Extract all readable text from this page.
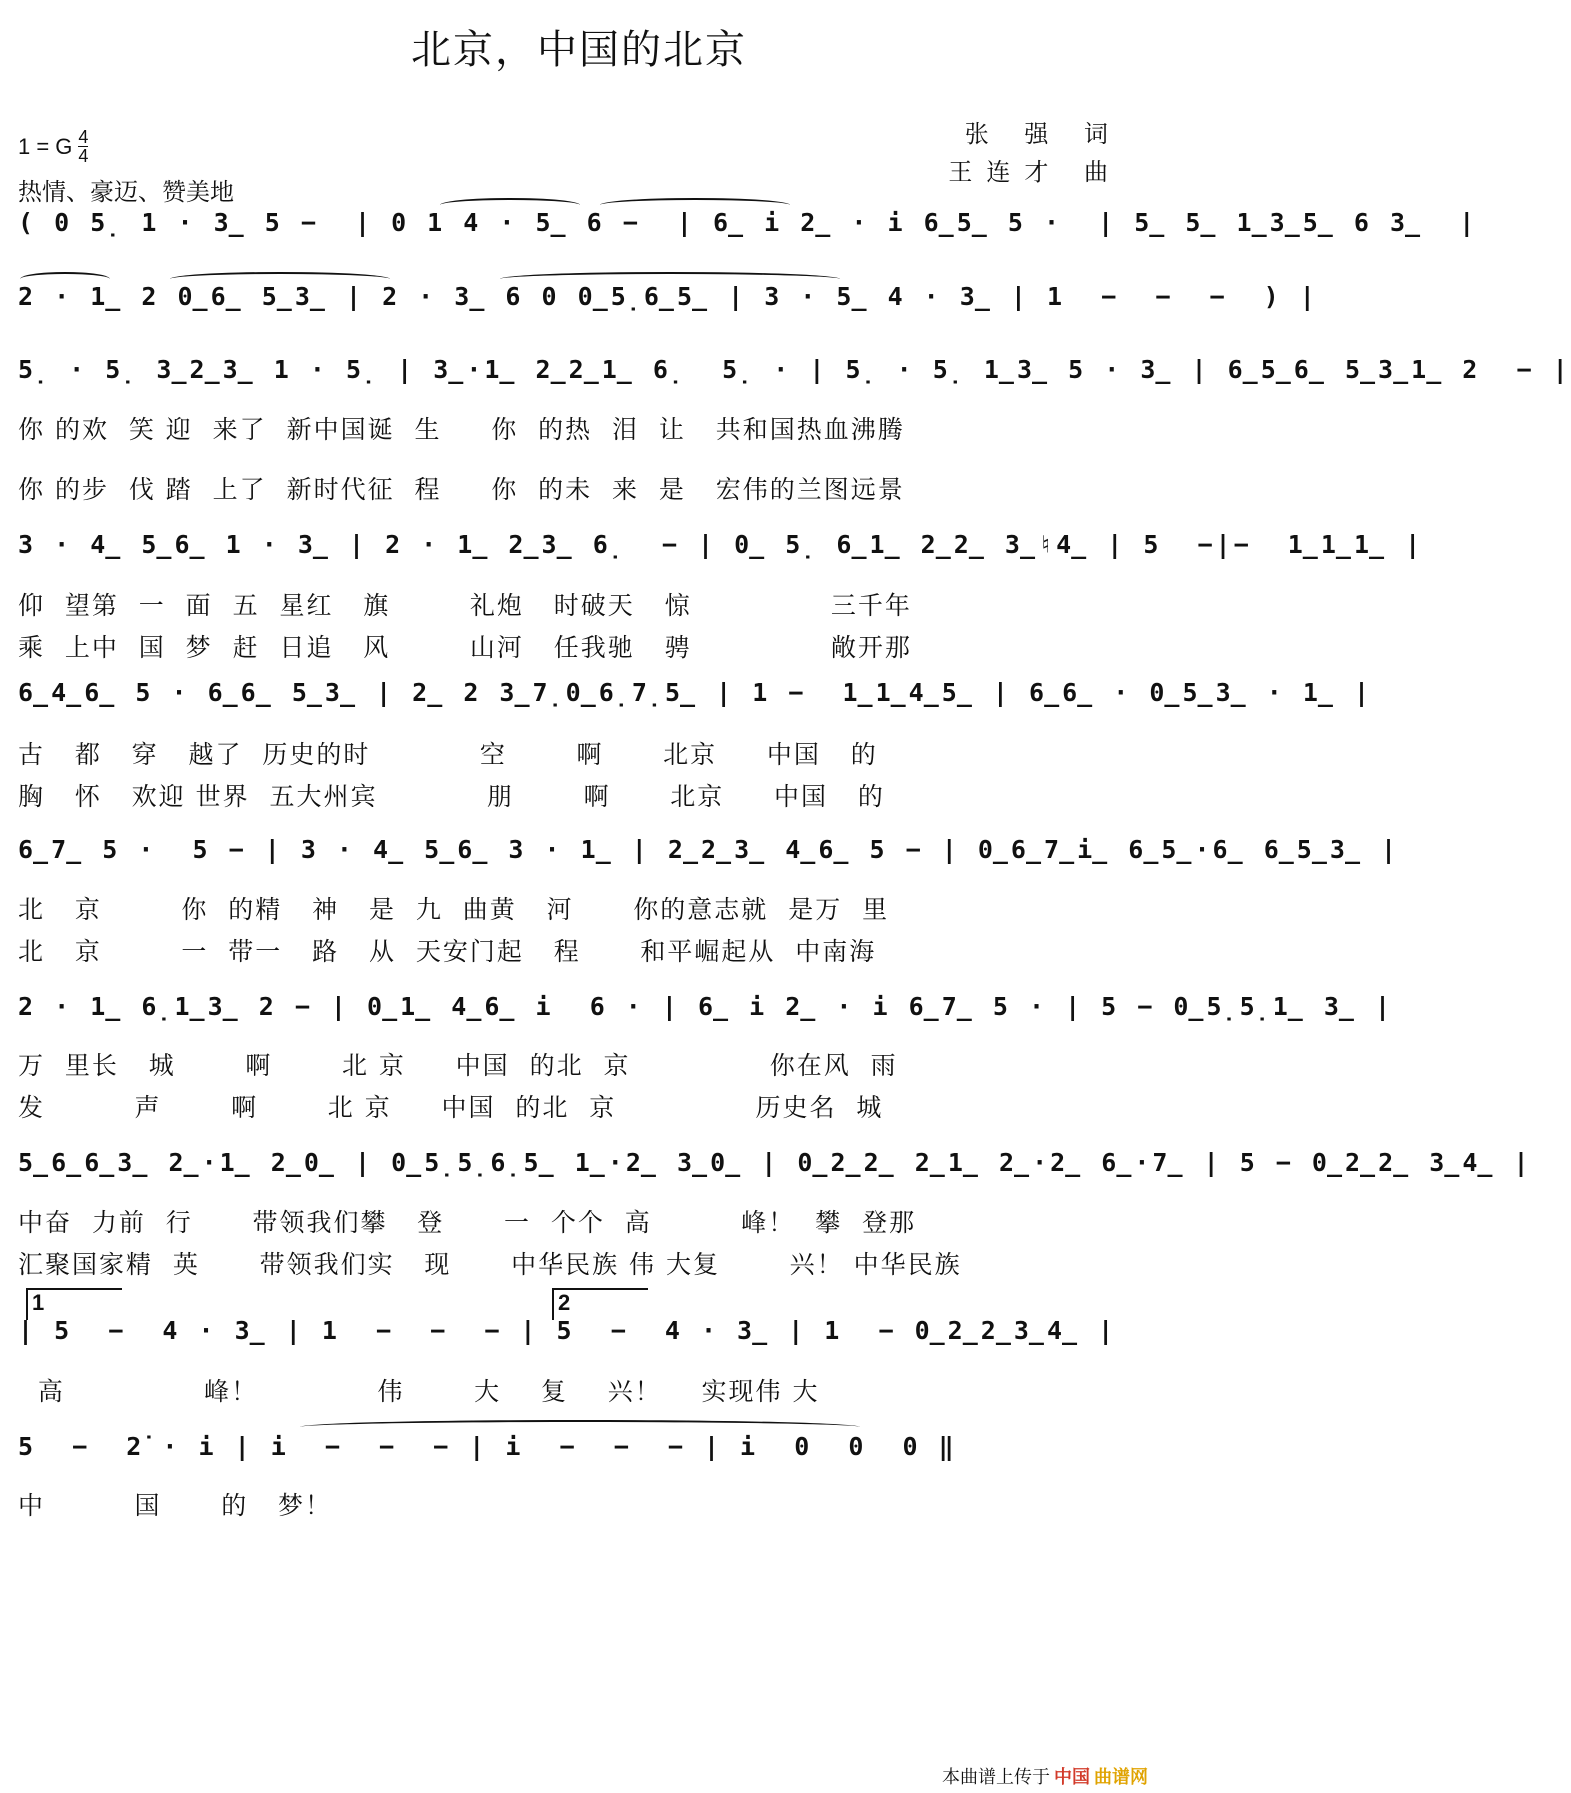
北京，中国的北京
1 = G $\frac{4}{4}$
热情、豪迈、赞美地
张 强 词
王连才 曲
( 0 5̣ 1 · 3̲ 5 −  | 0 1 4 · 5̲ 6 −  | 6̲ i 2̲ · i 6̲5̲ 5 ·  | 5̲ 5̲ 1̲3̲5̲ 6 3̲  |
2 · 1̲ 2 0̲6̲ 5̲3̲ | 2 · 3̲ 6 0 0̲5̣6̲5̲ | 3 · 5̲ 4 · 3̲ | 1  −  −  −  ) |
5̣ · 5̣ 3̲2̲3̲ 1 · 5̣ | 3̲·1̲ 2̲2̲1̲ 6̣  5̣ · | 5̣ · 5̣ 1̲3̲ 5 · 3̲ | 6̲5̲6̲ 5̲3̲1̲ 2  − |
你 的欢  笑 迎  来了  新中国诞  生     你  的热  泪  让   共和国热血沸腾
你 的步  伐 踏  上了  新时代征  程     你  的未  来  是   宏伟的兰图远景
3 · 4̲ 5̲6̲ 1 · 3̲ | 2 · 1̲ 2̲3̲ 6̣  − | 0̲ 5̣ 6̲1̲ 2̲2̲ 3̲♮4̲ | 5  −|−  1̲1̲1̲ |
仰  望第  一  面  五  星红   旗        礼炮   时破天   惊              三千年
乘  上中  国  梦  赶  日追   风        山河   任我驰   骋              敞开那
6̲4̲6̲ 5 · 6̲6̲ 5̲3̲ | 2̲ 2 3̲7̣0̲6̣7̣5̲ | 1 −  1̲1̲4̲5̲ | 6̲6̲ · 0̲5̲3̲ · 1̲ |
古   都   穿   越了  历史的时           空       啊      北京     中国   的
胸   怀   欢迎 世界  五大州宾           朋       啊      北京     中国   的
6̲7̲ 5 ·  5 − | 3 · 4̲ 5̲6̲ 3 · 1̲ | 2̲2̲3̲ 4̲6̲ 5 − | 0̲6̲7̲i̲ 6̲5̲·6̲ 6̲5̲3̲ |
北   京        你  的精   神   是  九  曲黄   河      你的意志就  是万  里
北   京        一  带一   路   从  天安门起   程      和平崛起从  中南海
2 · 1̲ 6̣1̲3̲ 2 − | 0̲1̲ 4̲6̲ i  6 · | 6̲ i 2̲ · i 6̲7̲ 5 · | 5 − 0̲5̣5̣1̲ 3̲ |
万  里长   城       啊       北 京     中国  的北  京              你在风  雨
发         声       啊       北 京     中国  的北  京              历史名  城
5̲6̲6̲3̲ 2̲·1̲ 2̲0̲ | 0̲5̣5̣6̣5̲ 1̲·2̲ 3̲0̲ | 0̲2̲2̲ 2̲1̲ 2̲·2̲ 6̲·7̲ | 5 − 0̲2̲2̲ 3̲4̲ |
中奋  力前  行      带领我们攀   登      一  个个  高         峰！  攀  登那
汇聚国家精  英      带领我们实   现      中华民族 伟 大复       兴！ 中华民族
1	2
| 5  −  4 · 3̲ | 1  −  −  − | 5  −  4 · 3̲ | 1  − 0̲2̲2̲3̲4̲ |
高              峰！            伟       大    复    兴！    实现伟 大
5  −  2̇ · i | i  −  −  − | i  −  −  − | i  0  0  0 ‖
中         国      的   梦！
本曲谱上传于 中国 曲谱网
